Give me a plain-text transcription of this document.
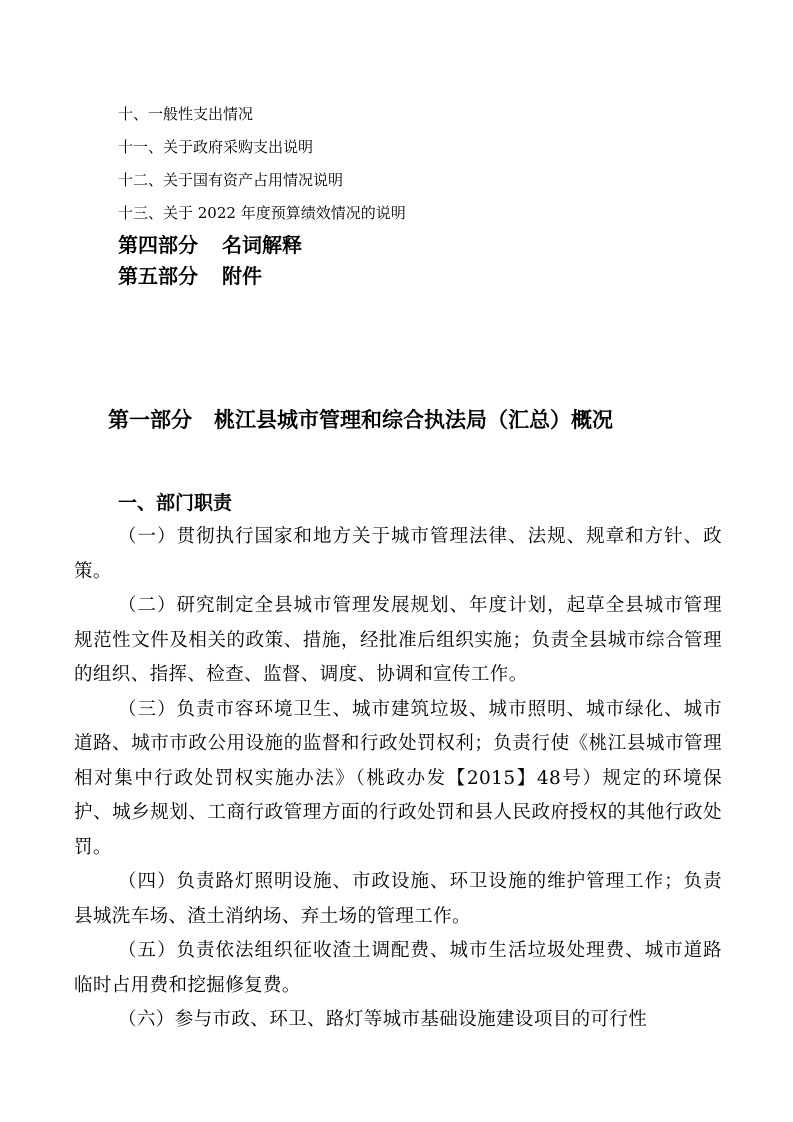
十、一般性支出情况
十一、关于政府采购支出说明
十二、关于国有资产占用情况说明
十三、关于 2022 年度预算绩效情况的说明
第四部分 名词解释
第五部分 附件
第一部分 桃江县城市管理和综合执法局（汇总）概况
一、部门职责

（一）贯彻执行国家和地方关于城市管理法律、法规、规章和方针、政策。

（二）研究制定全县城市管理发展规划、年度计划，起草全县城市管理规范性文件及相关的政策、措施，经批准后组织实施；负责全县城市综合管理的组织、指挥、检查、监督、调度、协调和宣传工作。

（三）负责市容环境卫生、城市建筑垃圾、城市照明、城市绿化、城市道路、城市市政公用设施的监督和行政处罚权利；负责行使《桃江县城市管理相对集中行政处罚权实施办法》（桃政办发【2015】48号）规定的环境保护、城乡规划、工商行政管理方面的行政处罚和县人民政府授权的其他行政处罚。

（四）负责路灯照明设施、市政设施、环卫设施的维护管理工作；负责县城洗车场、渣土消纳场、弃土场的管理工作。

（五）负责依法组织征收渣土调配费、城市生活垃圾处理费、城市道路临时占用费和挖掘修复费。

（六）参与市政、环卫、路灯等城市基础设施建设项目的可行性
